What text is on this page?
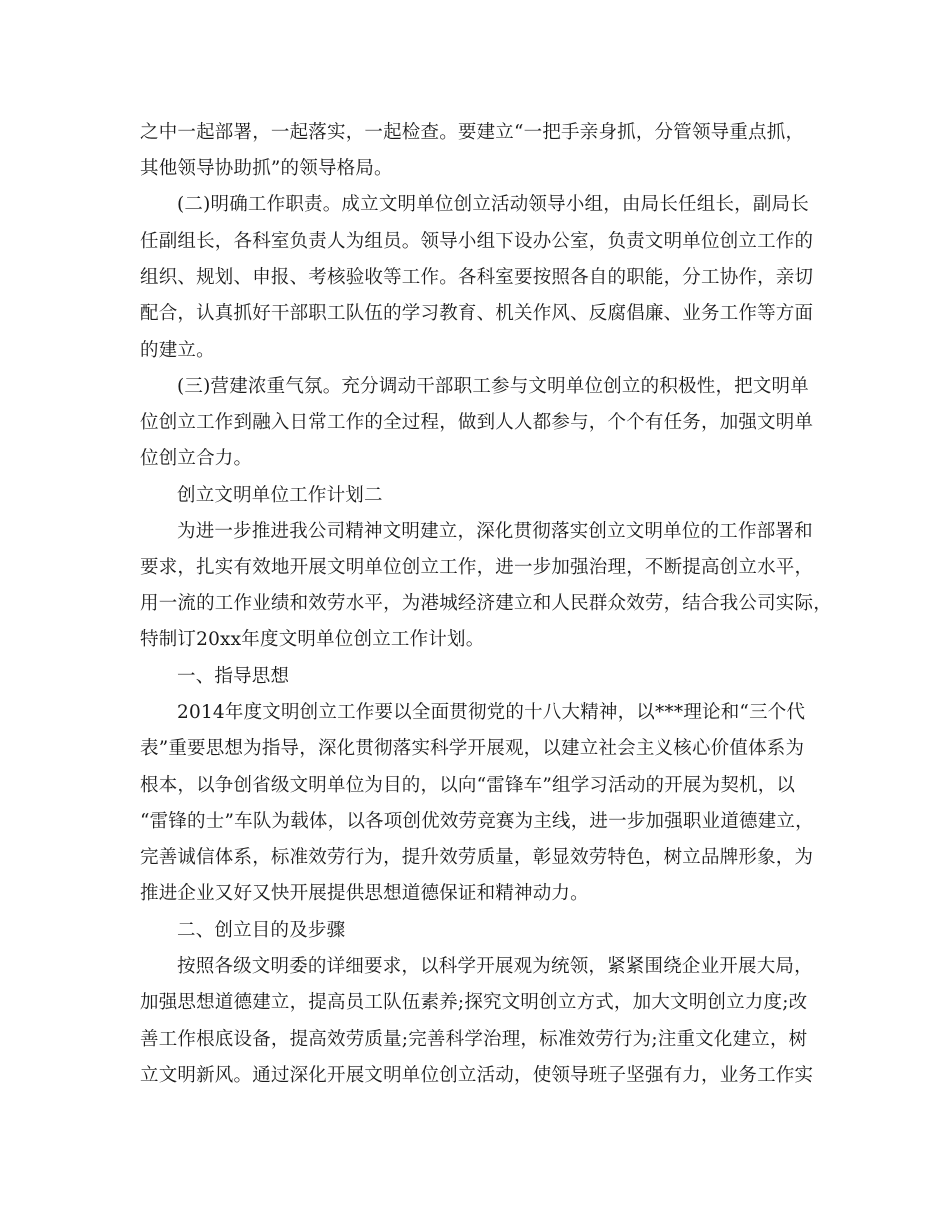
之中一起部署，一起落实，一起检查。要建立“一把手亲身抓，分管领导重点抓，
其他领导协助抓”的领导格局。
(二)明确工作职责。成立文明单位创立活动领导小组，由局长任组长，副局长
任副组长，各科室负责人为组员。领导小组下设办公室，负责文明单位创立工作的
组织、规划、申报、考核验收等工作。各科室要按照各自的职能，分工协作，亲切
配合，认真抓好干部职工队伍的学习教育、机关作风、反腐倡廉、业务工作等方面
的建立。
(三)营建浓重气氛。充分调动干部职工参与文明单位创立的积极性，把文明单
位创立工作到融入日常工作的全过程，做到人人都参与，个个有任务，加强文明单
位创立合力。
创立文明单位工作计划二
为进一步推进我公司精神文明建立，深化贯彻落实创立文明单位的工作部署和
要求，扎实有效地开展文明单位创立工作，进一步加强治理，不断提高创立水平，
用一流的工作业绩和效劳水平，为港城经济建立和人民群众效劳，结合我公司实际，
特制订20xx年度文明单位创立工作计划。
一、指导思想
2014年度文明创立工作要以全面贯彻党的十八大精神，以***理论和“三个代
表”重要思想为指导，深化贯彻落实科学开展观，以建立社会主义核心价值体系为
根本，以争创省级文明单位为目的，以向“雷锋车”组学习活动的开展为契机，以
“雷锋的士”车队为载体，以各项创优效劳竞赛为主线，进一步加强职业道德建立，
完善诚信体系，标准效劳行为，提升效劳质量，彰显效劳特色，树立品牌形象，为
推进企业又好又快开展提供思想道德保证和精神动力。
二、创立目的及步骤
按照各级文明委的详细要求，以科学开展观为统领，紧紧围绕企业开展大局，
加强思想道德建立，提高员工队伍素养;探究文明创立方式，加大文明创立力度;改
善工作根底设备，提高效劳质量;完善科学治理，标准效劳行为;注重文化建立，树
立文明新风。通过深化开展文明单位创立活动，使领导班子坚强有力，业务工作实
